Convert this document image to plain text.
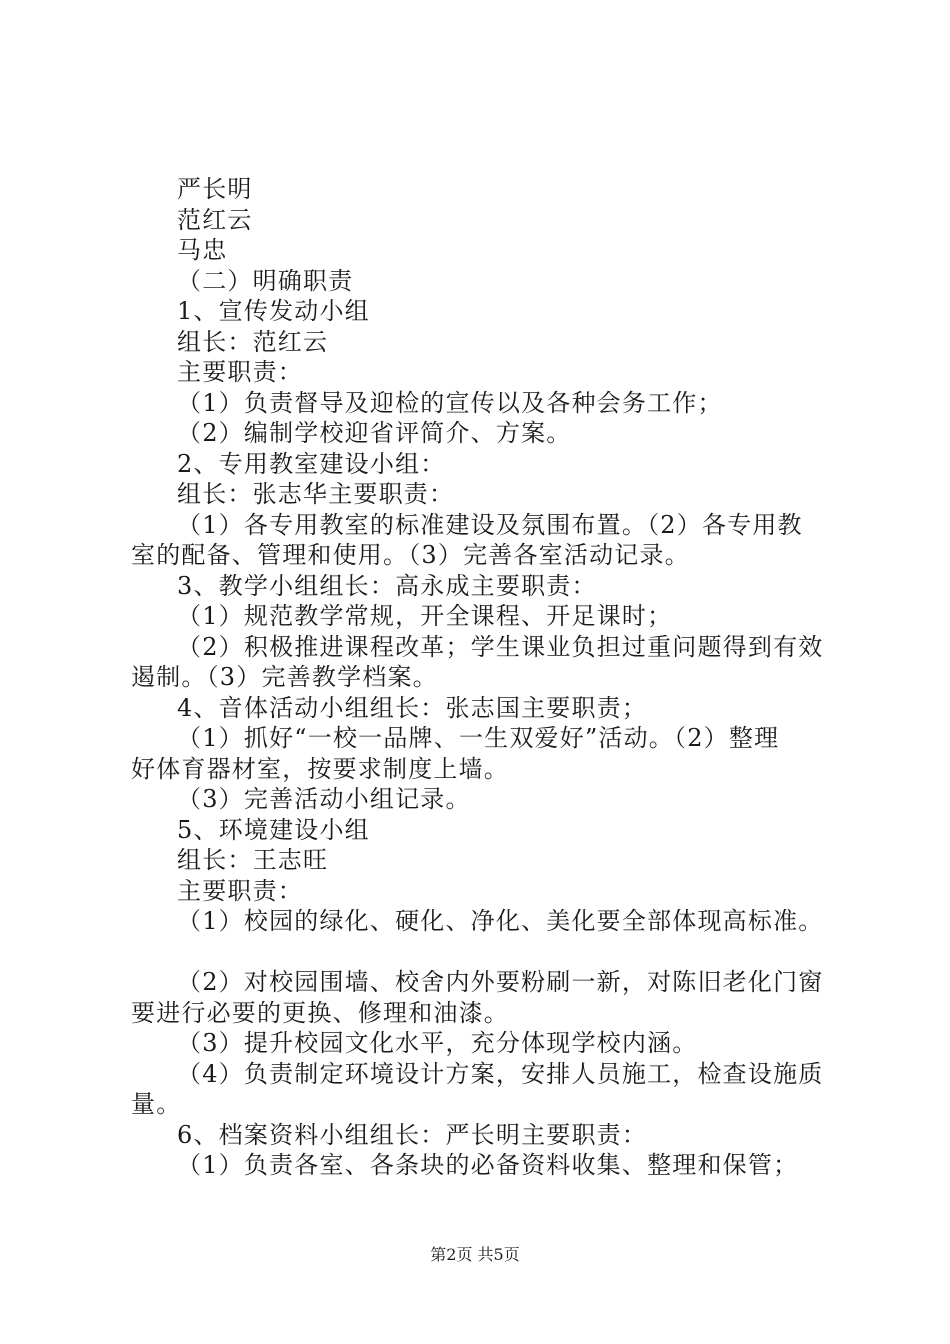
严长明
范红云
马忠
（二）明确职责
1、宣传发动小组
组长：范红云
主要职责：
（1）负责督导及迎检的宣传以及各种会务工作；
（2）编制学校迎省评简介、方案。
2、专用教室建设小组：
组长：张志华主要职责：
（1）各专用教室的标准建设及氛围布置。（2）各专用教
室的配备、管理和使用。（3）完善各室活动记录。
3、教学小组组长：高永成主要职责：
（1）规范教学常规，开全课程、开足课时；
（2）积极推进课程改革；学生课业负担过重问题得到有效
遏制。（3）完善教学档案。
4、音体活动小组组长：张志国主要职责；
（1）抓好“一校一品牌、一生双爱好”活动。（2）整理
好体育器材室，按要求制度上墙。
（3）完善活动小组记录。
5、环境建设小组
组长：王志旺
主要职责：
（1）校园的绿化、硬化、净化、美化要全部体现高标准。
（2）对校园围墙、校舍内外要粉刷一新，对陈旧老化门窗
要进行必要的更换、修理和油漆。
（3）提升校园文化水平，充分体现学校内涵。
（4）负责制定环境设计方案，安排人员施工，检查设施质
量。
6、档案资料小组组长：严长明主要职责：
（1）负责各室、各条块的必备资料收集、整理和保管；
第2页 共5页
